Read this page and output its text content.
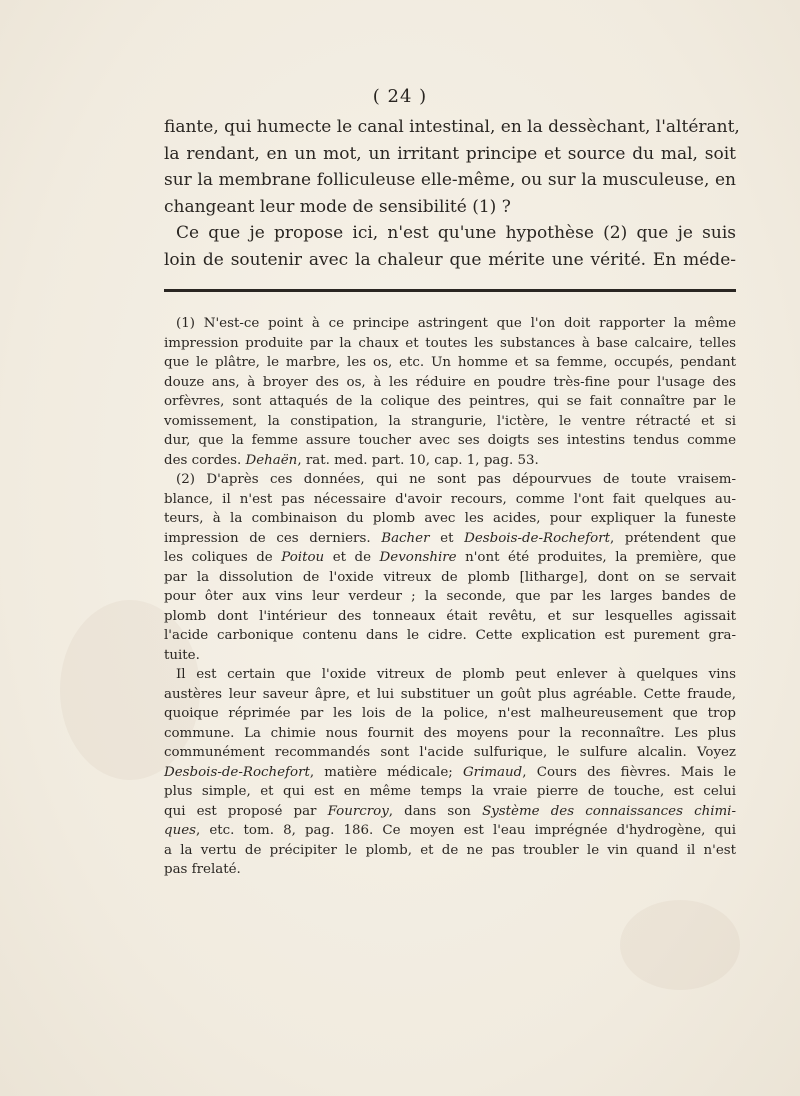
( 24 )
fiante, qui humecte le canal intestinal, en la dessèchant, l'altérant,
la rendant, en un mot, un irritant principe et source du mal, soit
sur la membrane folliculeuse elle-même, ou sur la musculeuse, en
changeant leur mode de sensibilité (1) ?
Ce que je propose ici, n'est qu'une hypothèse (2) que je suis
loin de soutenir avec la chaleur que mérite une vérité. En méde-
(1) N'est-ce point à ce principe astringent que l'on doit rapporter la même
impression produite par la chaux et toutes les substances à base calcaire, telles
que le plâtre, le marbre, les os, etc. Un homme et sa femme, occupés, pendant
douze ans, à broyer des os, à les réduire en poudre très-fine pour l'usage des
orfèvres, sont attaqués de la colique des peintres, qui se fait connaître par le
vomissement, la constipation, la strangurie, l'ictère, le ventre rétracté et si
dur, que la femme assure toucher avec ses doigts ses intestins tendus comme
des cordes. Dehaën, rat. med. part. 10, cap. 1, pag. 53.
(2) D'après ces données, qui ne sont pas dépourvues de toute vraisem-
blance, il n'est pas nécessaire d'avoir recours, comme l'ont fait quelques au-
teurs, à la combinaison du plomb avec les acides, pour expliquer la funeste
impression de ces derniers. Bacher et Desbois-de-Rochefort, prétendent que
les coliques de Poitou et de Devonshire n'ont été produites, la première, que
par la dissolution de l'oxide vitreux de plomb [litharge], dont on se servait
pour ôter aux vins leur verdeur ; la seconde, que par les larges bandes de
plomb dont l'intérieur des tonneaux était revêtu, et sur lesquelles agissait
l'acide carbonique contenu dans le cidre. Cette explication est purement gra-
tuite.
Il est certain que l'oxide vitreux de plomb peut enlever à quelques vins
austères leur saveur âpre, et lui substituer un goût plus agréable. Cette fraude,
quoique réprimée par les lois de la police, n'est malheureusement que trop
commune. La chimie nous fournit des moyens pour la reconnaître. Les plus
communément recommandés sont l'acide sulfurique, le sulfure alcalin. Voyez
Desbois-de-Rochefort, matière médicale; Grimaud, Cours des fièvres. Mais le
plus simple, et qui est en même temps la vraie pierre de touche, est celui
qui est proposé par Fourcroy, dans son Système des connaissances chimi-
ques, etc. tom. 8, pag. 186. Ce moyen est l'eau imprégnée d'hydrogène, qui
a la vertu de précipiter le plomb, et de ne pas troubler le vin quand il n'est
pas frelaté.
